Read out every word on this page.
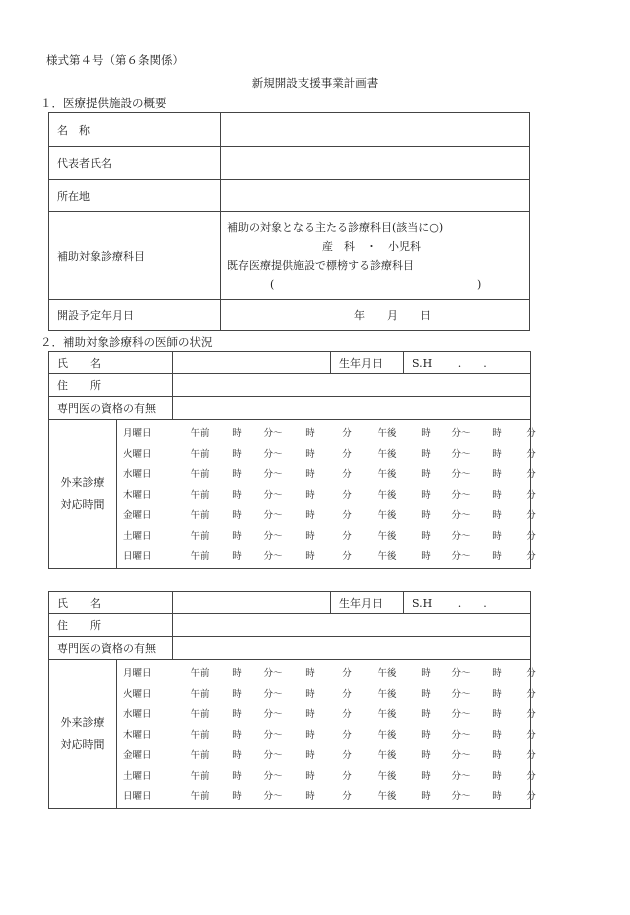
様式第４号（第６条関係）
新規開設支援事業計画書
１．医療提供施設の概要
名　称	
代表者氏名	
所在地	
補助対象診療科目	補助の対象となる主たる診療科目(該当に○)
産　科　・　小児科
既存医療提供施設で標榜する診療科目
( )

開設予定年月日	年　　月　　日
２．補助対象診療科の医師の状況
氏　　名		生年月日	S.H　　 .　　.
住　　所	
専門医の資格の有無	

外来診療
対応時間

月曜日	午前	時	分〜	時	分	午後	時	分〜	時	分
火曜日	午前	時	分〜	時	分	午後	時	分〜	時	分
水曜日	午前	時	分〜	時	分	午後	時	分〜	時	分
木曜日	午前	時	分〜	時	分	午後	時	分〜	時	分
金曜日	午前	時	分〜	時	分	午後	時	分〜	時	分
土曜日	午前	時	分〜	時	分	午後	時	分〜	時	分
日曜日	午前	時	分〜	時	分	午後	時	分〜	時	分
氏　　名		生年月日	S.H　　 .　　.
住　　所	
専門医の資格の有無	

外来診療
対応時間

月曜日	午前	時	分〜	時	分	午後	時	分〜	時	分
火曜日	午前	時	分〜	時	分	午後	時	分〜	時	分
水曜日	午前	時	分〜	時	分	午後	時	分〜	時	分
木曜日	午前	時	分〜	時	分	午後	時	分〜	時	分
金曜日	午前	時	分〜	時	分	午後	時	分〜	時	分
土曜日	午前	時	分〜	時	分	午後	時	分〜	時	分
日曜日	午前	時	分〜	時	分	午後	時	分〜	時	分
